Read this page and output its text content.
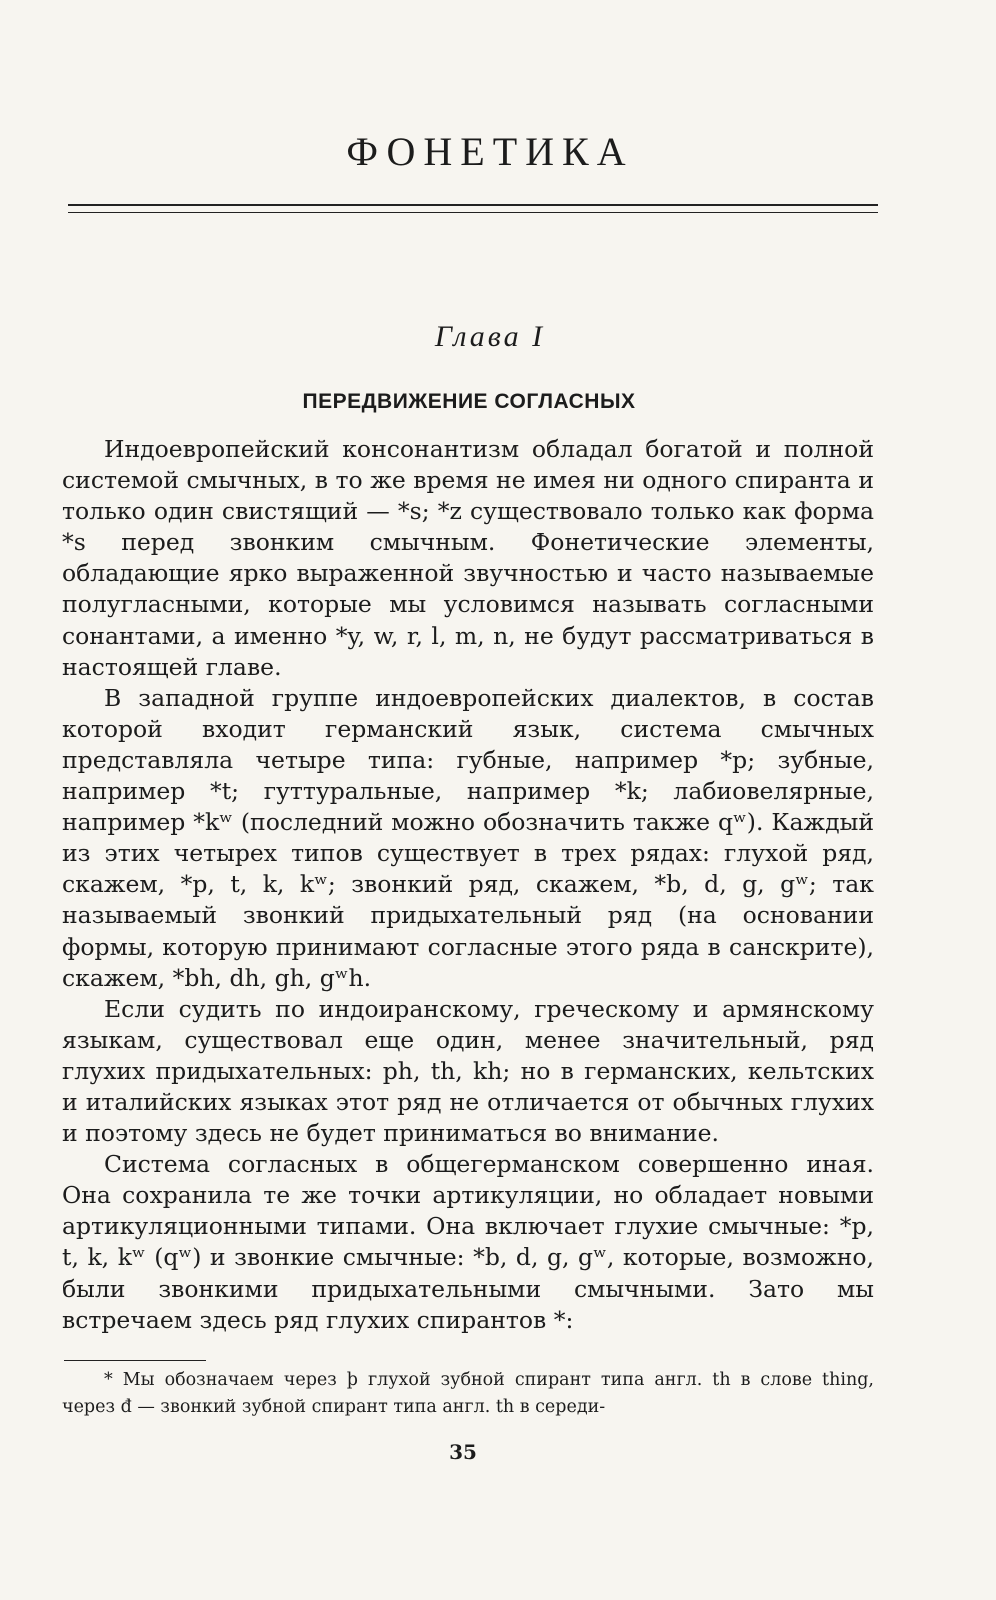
ФОНЕТИКА
Глава I
ПЕРЕДВИЖЕНИЕ СОГЛАСНЫХ

Индоевропейский консонантизм обладал богатой и полной системой смычных, в то же время не имея ни одного спиранта и только один свистящий — *s; *z существовало только как форма *s перед звонким смычным. Фонетические элементы, обладающие ярко выраженной звучностью и часто называемые полугласными, которые мы условимся называть согласными сонантами, а именно *y, w, r, l, m, n, не будут рассматриваться в настоящей главе.

В западной группе индоевропейских диалектов, в состав которой входит германский язык, система смычных представляла четыре типа: губные, например *p; зубные, например *t; гуттуральные, например *k; лабиовелярные, например *kʷ (последний можно обозначить также qʷ). Каждый из этих четырех типов существует в трех рядах: глухой ряд, скажем, *p, t, k, kʷ; звонкий ряд, скажем, *b, d, g, gʷ; так называемый звонкий придыхательный ряд (на основании формы, которую принимают согласные этого ряда в санскрите), скажем, *bh, dh, gh, gʷh.

Если судить по индоиранскому, греческому и армянскому языкам, существовал еще один, менее значительный, ряд глухих придыхательных: ph, th, kh; но в германских, кельтских и италийских языках этот ряд не отличается от обычных глухих и поэтому здесь не будет приниматься во внимание.

Система согласных в общегерманском совершенно иная. Она сохранила те же точки артикуляции, но обладает новыми артикуляционными типами. Она включает глухие смычные: *p, t, k, kʷ (qʷ) и звонкие смычные: *b, d, g, gʷ, которые, возможно, были звонкими придыхательными смычными. Зато мы встречаем здесь ряд глухих спирантов *:

* Мы обозначаем через þ глухой зубной спирант типа англ. th в слове thing, через đ — звонкий зубной спирант типа англ. th в середи-
35
